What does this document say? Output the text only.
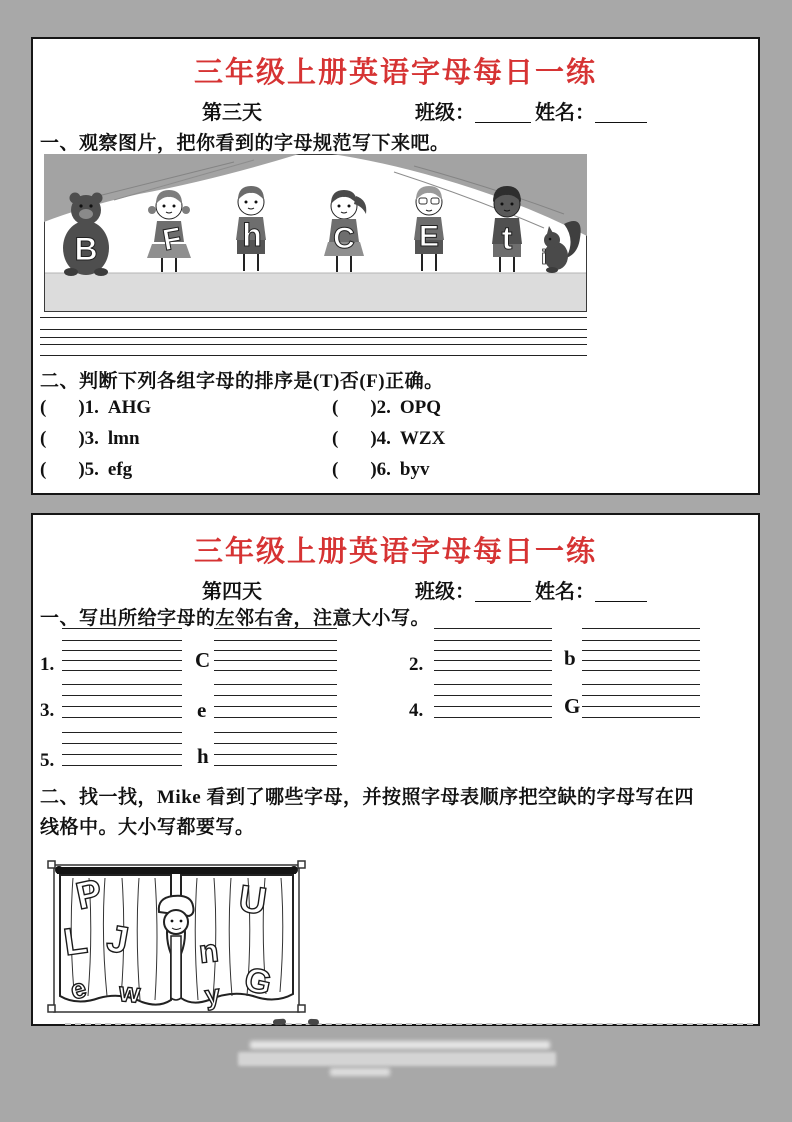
三年级上册英语字母每日一练
第三天	班级：	姓名：
一、观察图片，把你看到的字母规范写下来吧。
B F h C E t
i
二、判断下列各组字母的排序是(T)否(F)正确。
( )1. AHG	( )2. OPQ
( )3. lmn	( )4. WZX
( )5. efg	( )6. byv
三年级上册英语字母每日一练
第四天	班级：	姓名：
一、写出所给字母的左邻右舍，注意大小写。
1.	C	2.	b
3.	e	4.	G
5.	h
二、找一找，Mike 看到了哪些字母，并按照字母表顺序把空缺的字母写在四
线格中。大小写都要写。
P	U
L J n
G
e w y
